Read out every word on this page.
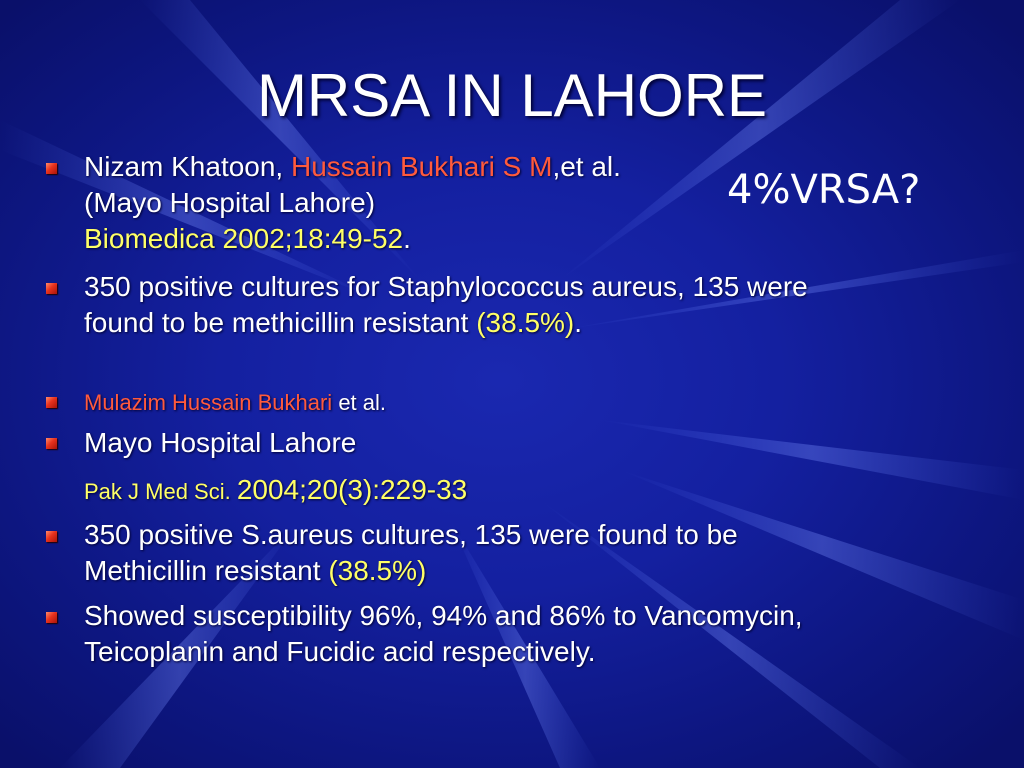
MRSA IN LAHORE
4%VRSA?
Nizam Khatoon, Hussain Bukhari S M,et al.
(Mayo Hospital Lahore)
Biomedica 2002;18:49-52.
350 positive cultures for Staphylococcus aureus, 135 were
found to be methicillin resistant (38.5%).
Mulazim Hussain Bukhari et al.
Mayo Hospital Lahore
Pak J Med Sci. 2004;20(3):229-33
350 positive S.aureus cultures, 135 were found to be
Methicillin resistant (38.5%)
Showed susceptibility 96%, 94% and 86% to Vancomycin,
Teicoplanin and Fucidic acid respectively.
